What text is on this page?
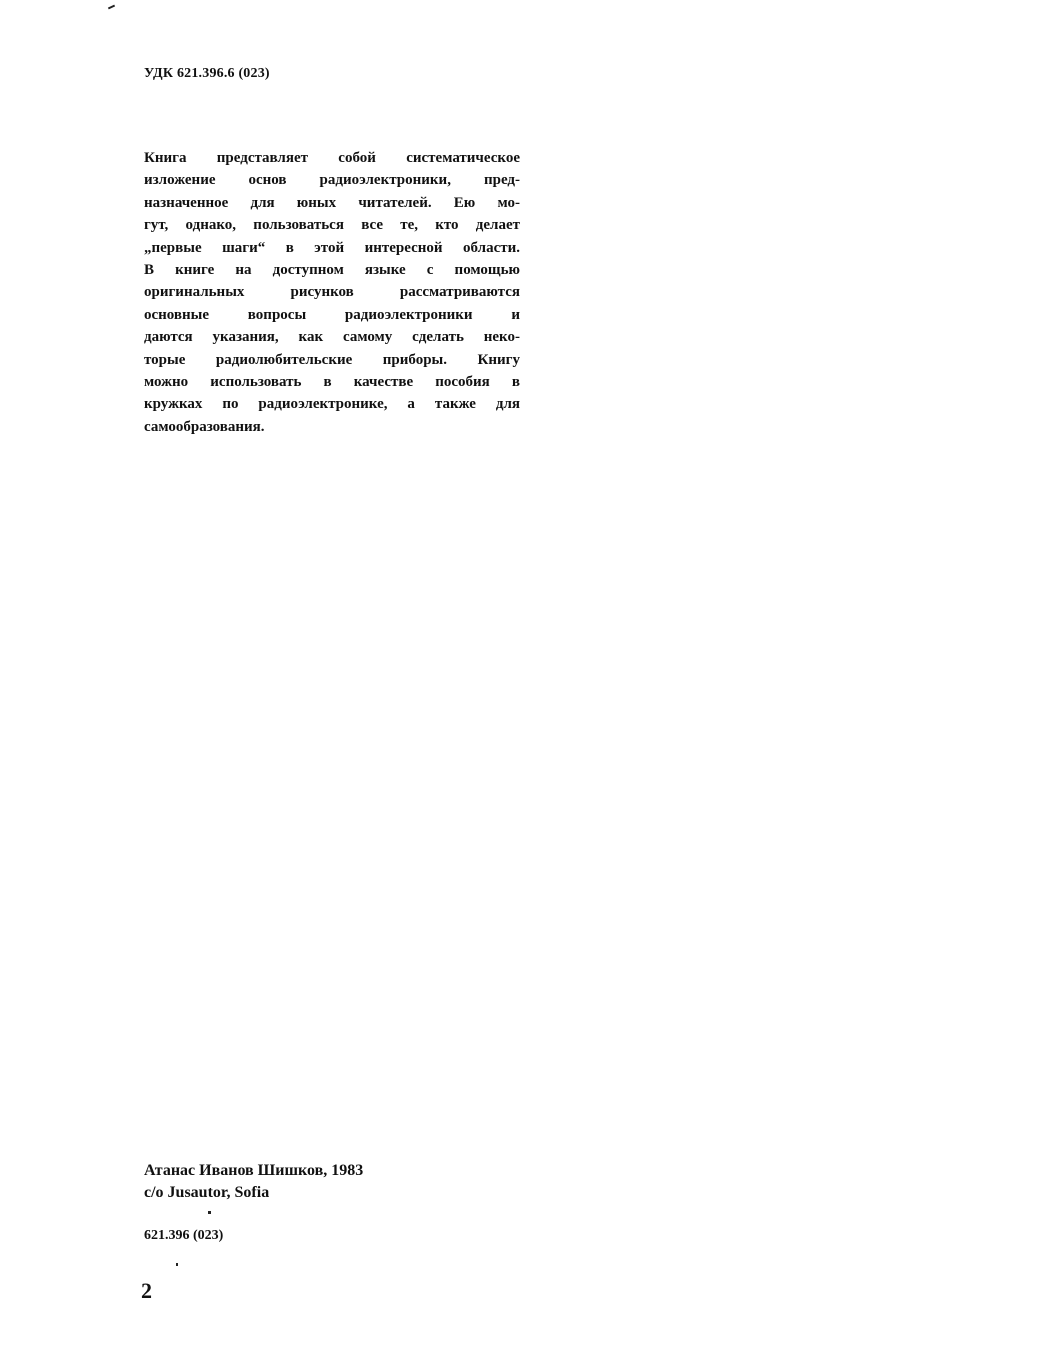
УДК 621.396.6 (023)
Книга представляет собой систематическое
изложение основ радиоэлектроники, пред-
назначенное для юных читателей. Ею мо-
гут, однако, пользоваться все те, кто делает
„первые шаги“ в этой интересной области.
В книге на доступном языке с помощью
оригинальных рисунков рассматриваются
основные вопросы радиоэлектроники и
даются указания, как самому сделать неко-
торые радиолюбительские приборы. Книгу
можно использовать в качестве пособия в
кружках по радиоэлектронике, а также для
самообразования.
Атанас Иванов Шишков, 1983
c/o Jusautor, Sofia
621.396 (023)
2
